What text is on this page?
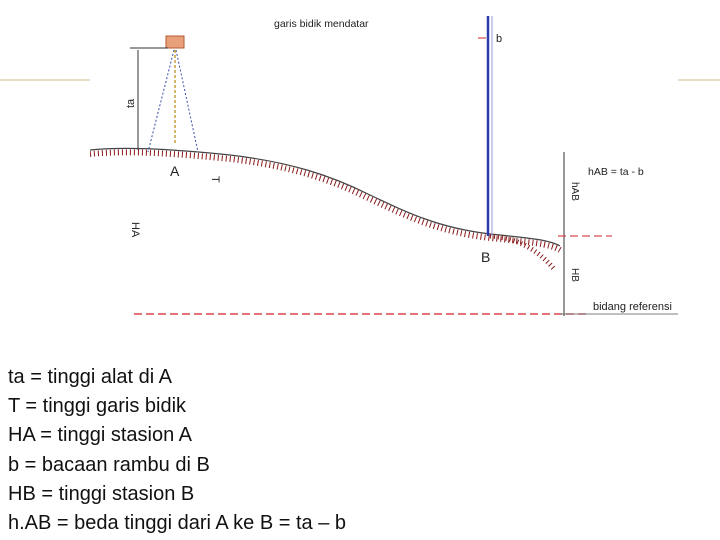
garis bidik mendatar
b
ta
A
T
HA
hAB = ta - b
hAB
HB
B
bidang referensi
ta = tinggi alat di A
T = tinggi garis bidik
HA = tinggi stasion A
b = bacaan rambu di B
HB = tinggi stasion B
h.AB = beda tinggi dari A ke B = ta – b
